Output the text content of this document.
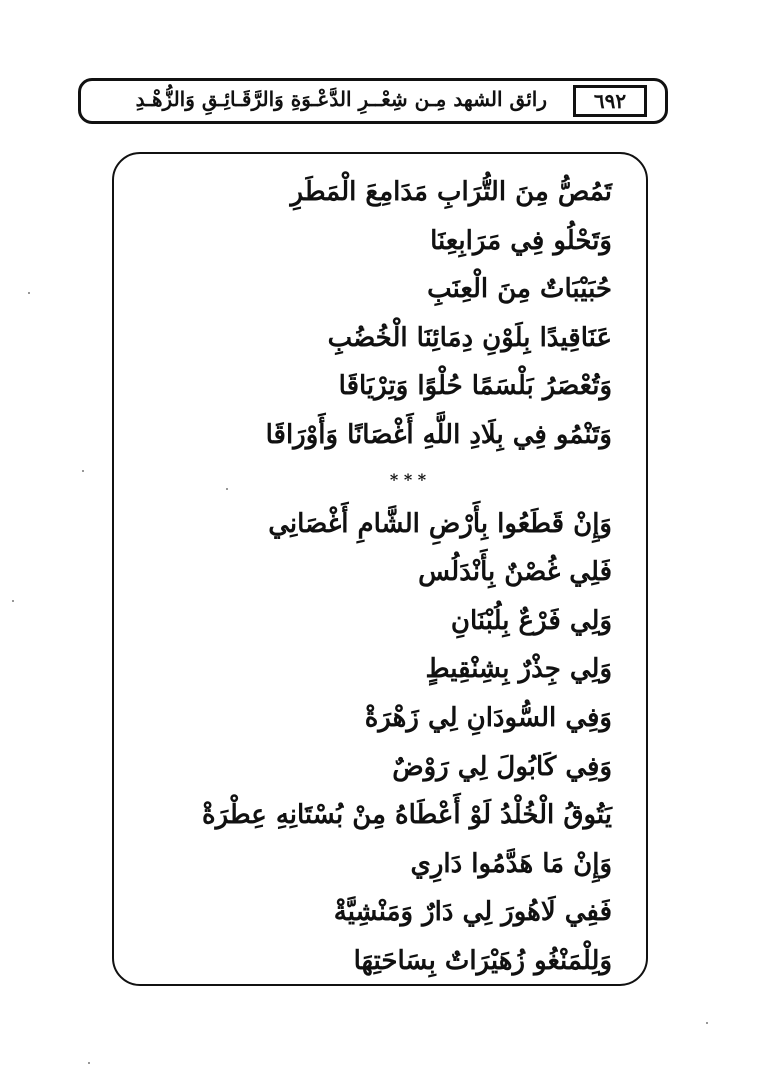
٦٩٢
رائق الشهد مِـن شِعْــرِ الدَّعْـوَةِ وَالرَّقَـائِـقِ وَالزُّهْـدِ
تَمُصُّ مِنَ التُّرَابِ مَدَامِعَ الْمَطَرِ
وَتَحْلُو فِي مَرَابِعِنَا
حُبَيْبَاتٌ مِنَ الْعِنَبِ
عَنَاقِيدًا بِلَوْنِ دِمَائِنَا الْخُضُبِ
وَتُعْصَرُ بَلْسَمًا حُلْوًا وَتِرْيَاقَا
وَتَنْمُو فِي بِلَادِ اللَّهِ أَغْصَانًا وَأَوْرَاقَا
* * *
وَإِنْ قَطَعُوا بِأَرْضِ الشَّامِ أَغْصَانِي
فَلِي غُصْنٌ بِأَنْدَلُس
وَلِي فَرْعٌ بِلُبْنَانِ
وَلِي جِذْرٌ بِشِنْقِيطٍ
وَفِي السُّودَانِ لِي زَهْرَةْ
وَفِي كَابُولَ لِي رَوْضٌ
يَتُوقُ الْخُلْدُ لَوْ أَعْطَاهُ مِنْ بُسْتَانِهِ عِطْرَةْ
وَإِنْ مَا هَدَّمُوا دَارِي
فَفِي لَاهُورَ لِي دَارٌ وَمَنْشِيَّةْ
وَلِلْمَنْغُو زُهَيْرَاتٌ بِسَاحَتِهَا
